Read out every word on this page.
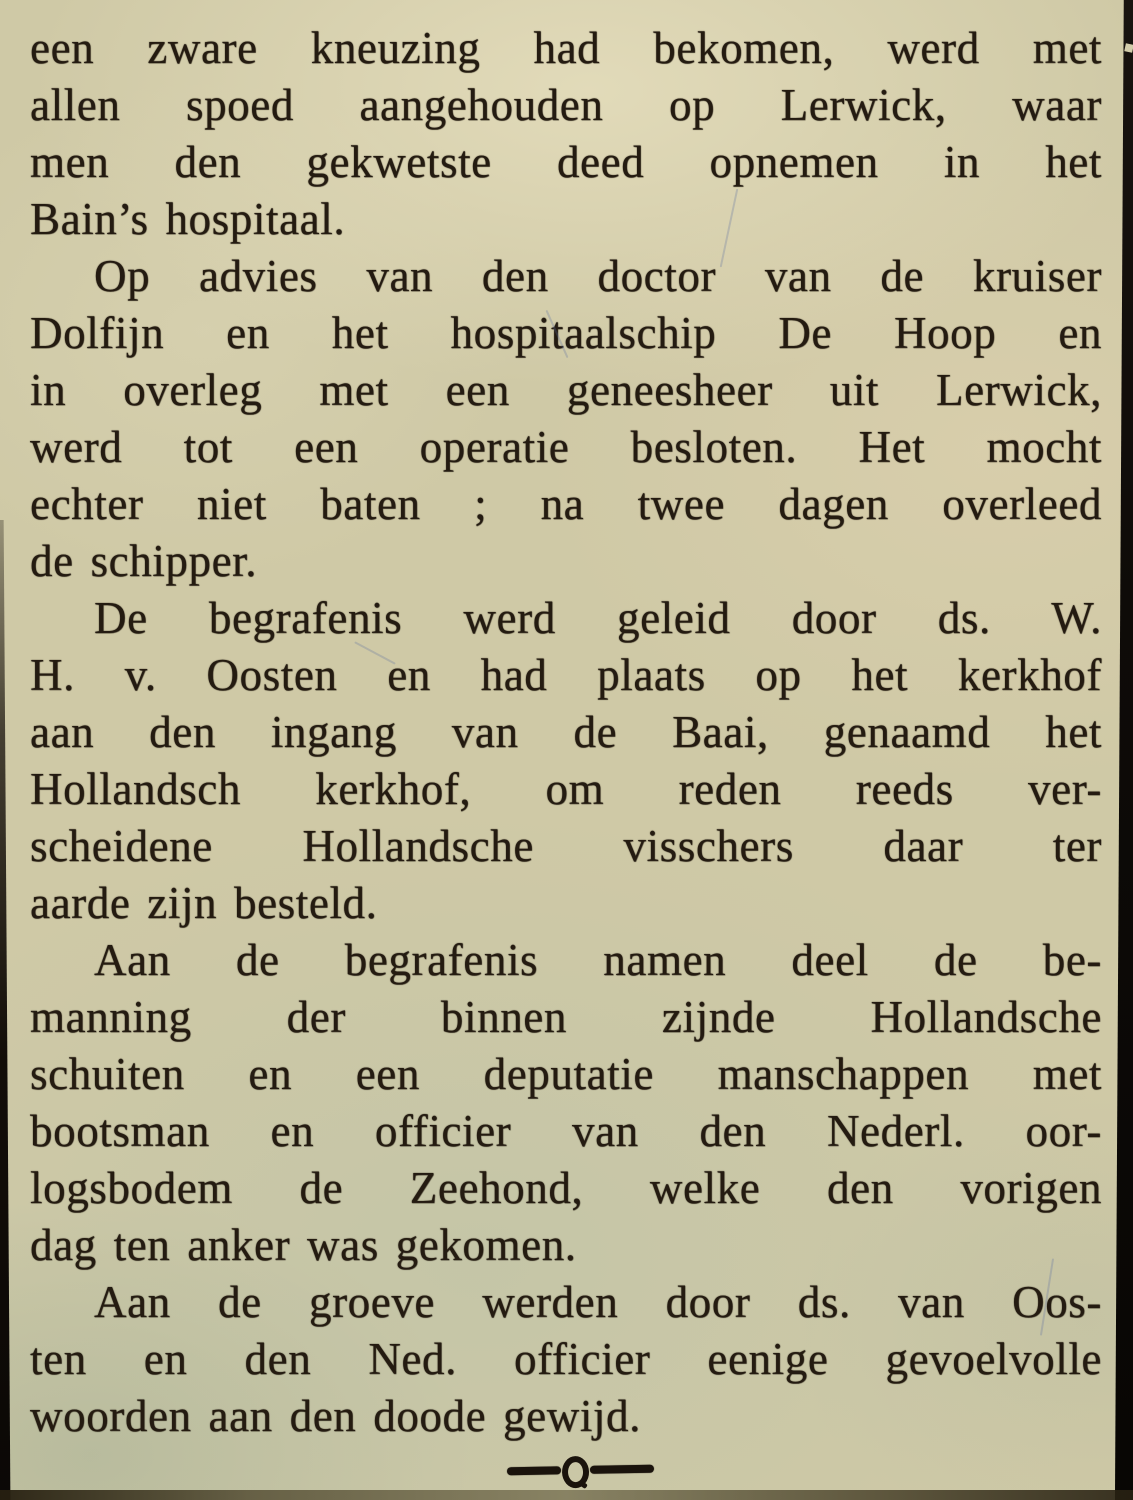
een zware kneuzing had bekomen, werd met
allen spoed aangehouden op Lerwick, waar
men den gekwetste deed opnemen in het
Bain’s hospitaal.
Op advies van den doctor van de kruiser
Dolfijn en het hospitaalschip De Hoop en
in overleg met een geneesheer uit Lerwick,
werd tot een operatie besloten. Het mocht
echter niet baten ; na twee dagen overleed
de schipper.
De begrafenis werd geleid door ds. W.
H. v. Oosten en had plaats op het kerkhof
aan den ingang van de Baai, genaamd het
Hollandsch kerkhof, om reden reeds ver-
scheidene Hollandsche visschers daar ter
aarde zijn besteld.
Aan de begrafenis namen deel de be-
manning der binnen zijnde Hollandsche
schuiten en een deputatie manschappen met
bootsman en officier van den Nederl. oor-
logsbodem de Zeehond, welke den vorigen
dag ten anker was gekomen.
Aan de groeve werden door ds. van Oos-
ten en den Ned. officier eenige gevoelvolle
woorden aan den doode gewijd.
